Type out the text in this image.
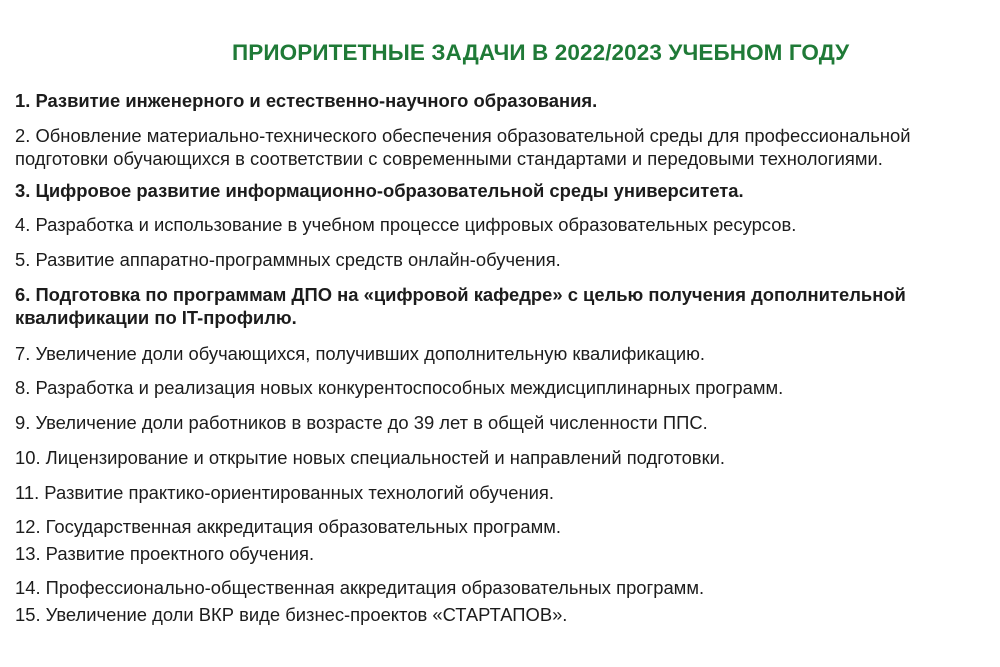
ПРИОРИТЕТНЫЕ ЗАДАЧИ В 2022/2023 УЧЕБНОМ ГОДУ
1. Развитие инженерного и естественно-научного образования.
2. Обновление материально-технического обеспечения образовательной среды для профессиональной
подготовки обучающихся в соответствии с современными стандартами и передовыми технологиями.
3. Цифровое развитие информационно-образовательной среды университета.
4. Разработка и использование в учебном процессе цифровых образовательных ресурсов.
5. Развитие аппаратно-программных средств онлайн-обучения.
6. Подготовка по программам ДПО на «цифровой кафедре» с целью получения дополнительной
квалификации по IT-профилю.
7. Увеличение доли обучающихся, получивших дополнительную квалификацию.
8. Разработка и реализация новых конкурентоспособных междисциплинарных программ.
9. Увеличение доли работников в возрасте до 39 лет в общей численности ППС.
10. Лицензирование и открытие новых специальностей и направлений подготовки.
11. Развитие практико-ориентированных технологий обучения.
12. Государственная аккредитация образовательных программ.
13. Развитие проектного обучения.
14. Профессионально-общественная аккредитация образовательных программ.
15. Увеличение доли ВКР виде бизнес-проектов «СТАРТАПОВ».
